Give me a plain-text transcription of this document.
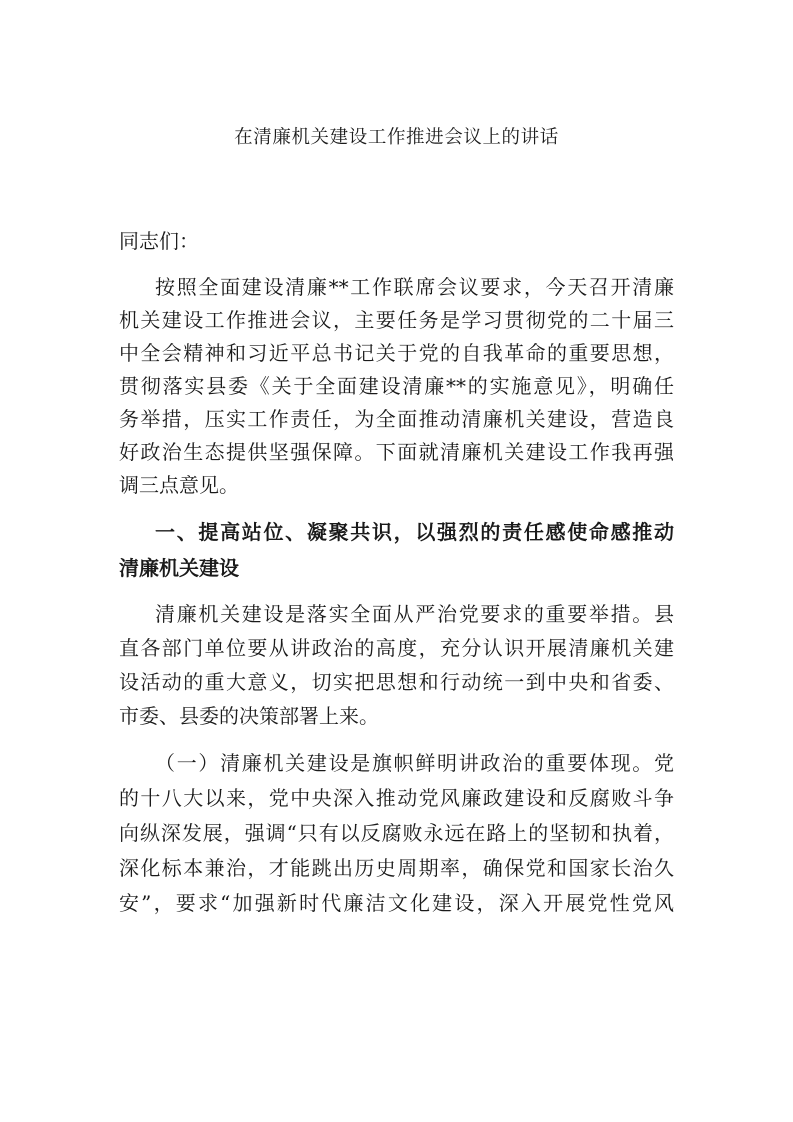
在清廉机关建设工作推进会议上的讲话
同志们：
按照全面建设清廉**工作联席会议要求，今天召开清廉
机关建设工作推进会议，主要任务是学习贯彻党的二十届三
中全会精神和习近平总书记关于党的自我革命的重要思想，
贯彻落实县委《关于全面建设清廉**的实施意见》，明确任
务举措，压实工作责任，为全面推动清廉机关建设，营造良
好政治生态提供坚强保障。下面就清廉机关建设工作我再强
调三点意见。
一、提高站位、凝聚共识，以强烈的责任感使命感推动
清廉机关建设
清廉机关建设是落实全面从严治党要求的重要举措。县
直各部门单位要从讲政治的高度，充分认识开展清廉机关建
设活动的重大意义，切实把思想和行动统一到中央和省委、
市委、县委的决策部署上来。
（一）清廉机关建设是旗帜鲜明讲政治的重要体现。党
的十八大以来，党中央深入推动党风廉政建设和反腐败斗争
向纵深发展，强调“只有以反腐败永远在路上的坚韧和执着，
深化标本兼治，才能跳出历史周期率，确保党和国家长治久
安”，要求“加强新时代廉洁文化建设，深入开展党性党风
